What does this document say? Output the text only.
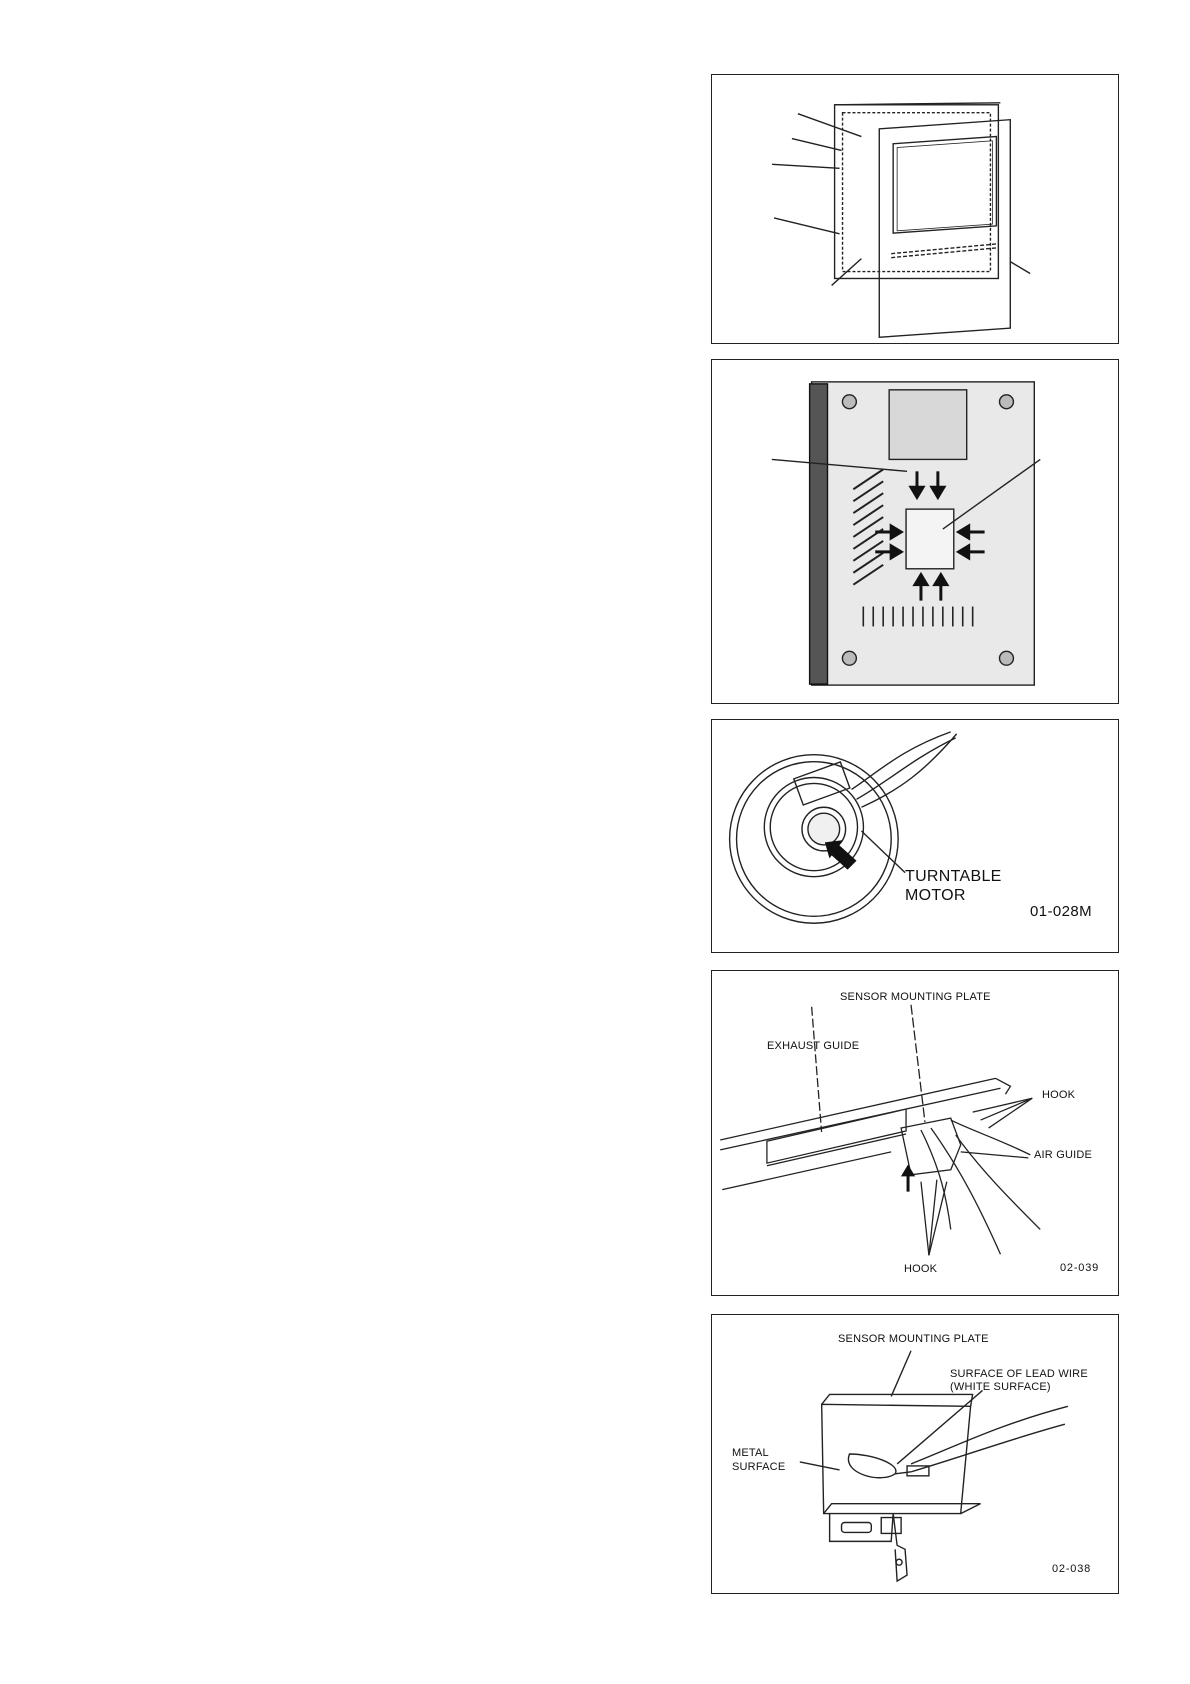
TURNTABLE
MOTOR
01-028M
SENSOR MOUNTING PLATE
EXHAUST GUIDE
HOOK
AIR GUIDE
HOOK	02-039
SENSOR MOUNTING PLATE
SURFACE OF LEAD WIRE
(WHITE SURFACE)
METAL
SURFACE
02-038
